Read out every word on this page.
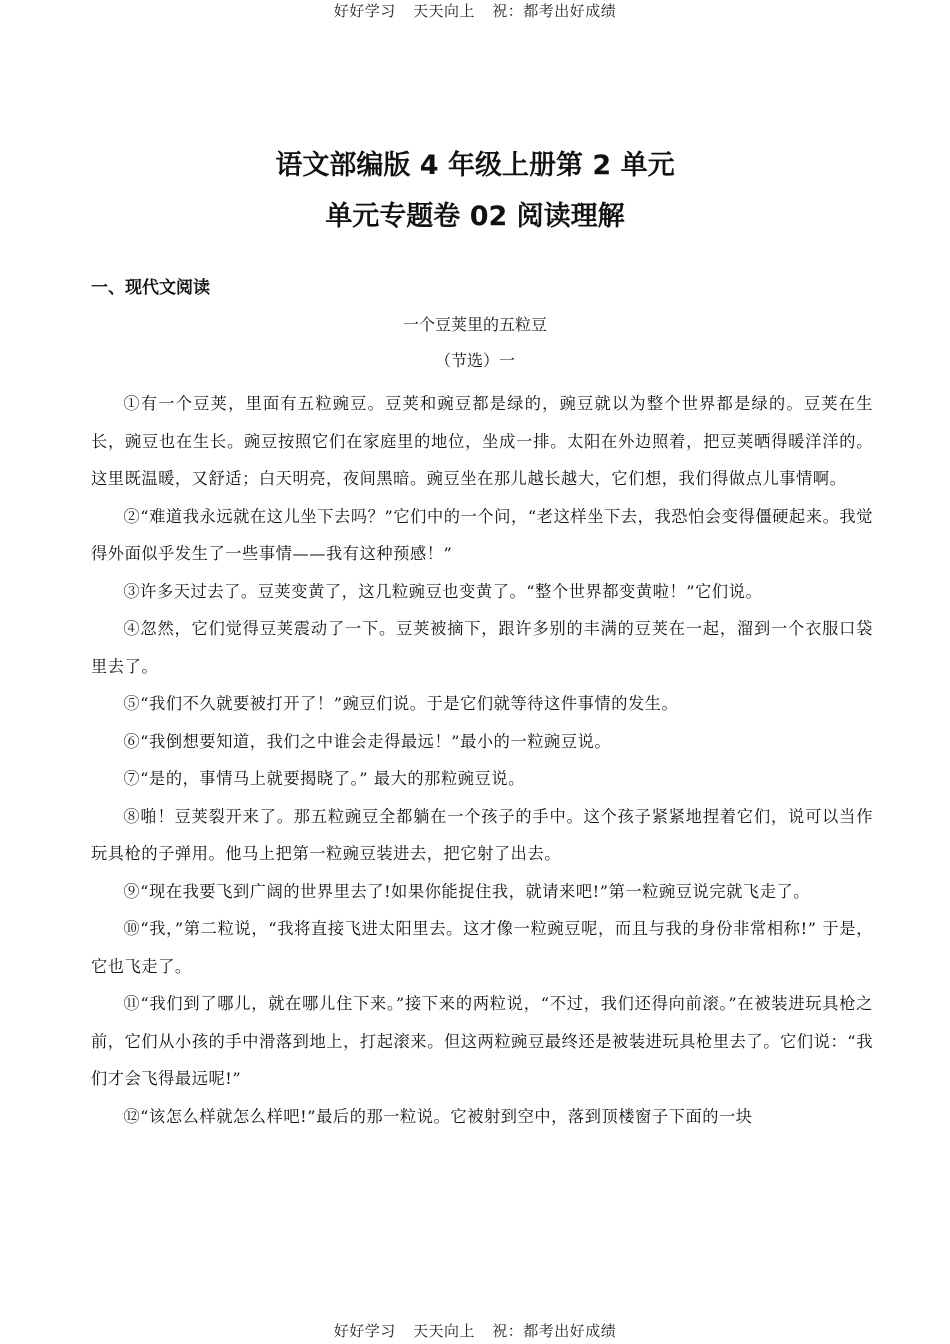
好好学习 天天向上 祝：都考出好成绩
语文部编版 4 年级上册第 2 单元
单元专题卷 02 阅读理解
一、现代文阅读
一个豆荚里的五粒豆
（节选）一

①有一个豆荚，里面有五粒豌豆。豆荚和豌豆都是绿的，豌豆就以为整个世界都是绿的。豆荚在生长，豌豆也在生长。豌豆按照它们在家庭里的地位，坐成一排。太阳在外边照着，把豆荚晒得暖洋洋的。这里既温暖，又舒适；白天明亮，夜间黑暗。豌豆坐在那儿越长越大，它们想，我们得做点儿事情啊。

②“难道我永远就在这儿坐下去吗？”它们中的一个问，“老这样坐下去，我恐怕会变得僵硬起来。我觉得外面似乎发生了一些事情——我有这种预感！”

③许多天过去了。豆荚变黄了，这几粒豌豆也变黄了。“整个世界都变黄啦！”它们说。

④忽然，它们觉得豆荚震动了一下。豆荚被摘下，跟许多别的丰满的豆荚在一起，溜到一个衣服口袋里去了。

⑤“我们不久就要被打开了！”豌豆们说。于是它们就等待这件事情的发生。

⑥“我倒想要知道，我们之中谁会走得最远！”最小的一粒豌豆说。

⑦“是的，事情马上就要揭晓了。” 最大的那粒豌豆说。

⑧啪！豆荚裂开来了。那五粒豌豆全都躺在一个孩子的手中。这个孩子紧紧地捏着它们，说可以当作玩具枪的子弹用。他马上把第一粒豌豆装进去，把它射了出去。

⑨“现在我要飞到广阔的世界里去了!如果你能捉住我，就请来吧!”第一粒豌豆说完就飞走了。

⑩“我，”第二粒说，“我将直接飞进太阳里去。这才像一粒豌豆呢，而且与我的身份非常相称!” 于是，它也飞走了。

⑪“我们到了哪儿，就在哪儿住下来。”接下来的两粒说，“不过，我们还得向前滚。”在被装进玩具枪之前，它们从小孩的手中滑落到地上，打起滚来。但这两粒豌豆最终还是被装进玩具枪里去了。它们说：“我们才会飞得最远呢!”

⑫“该怎么样就怎么样吧!”最后的那一粒说。它被射到空中，落到顶楼窗子下面的一块

好好学习 天天向上 祝：都考出好成绩
